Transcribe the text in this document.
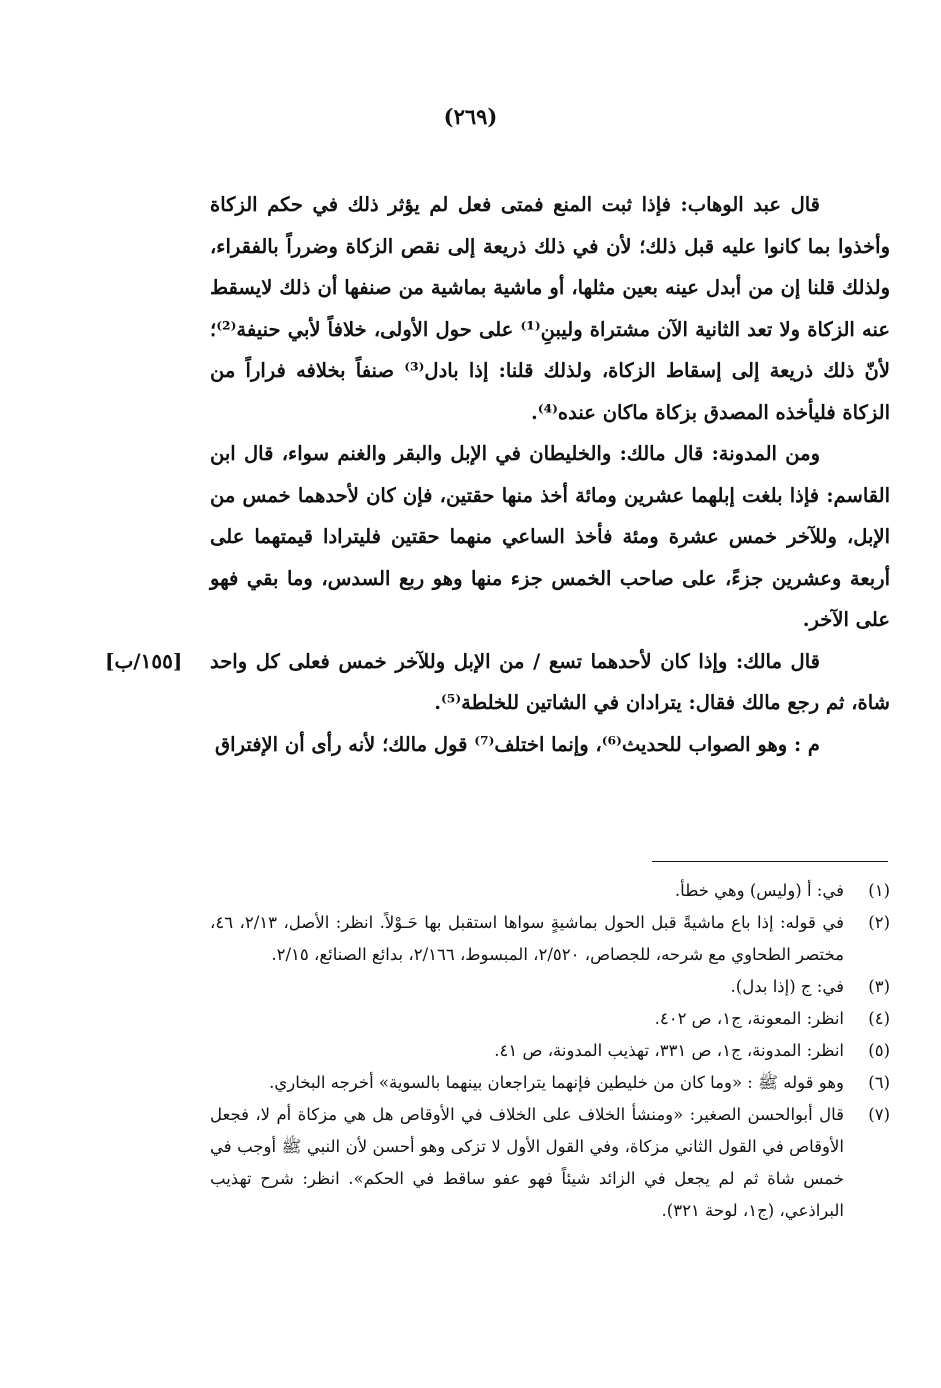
(٢٦٩)

قال عبد الوهاب: فإذا ثبت المنع فمتى فعل لم يؤثر ذلك في حكم الزكاة وأخذوا بما كانوا عليه قبل ذلك؛ لأن في ذلك ذريعة إلى نقص الزكاة وضرراً بالفقراء، ولذلك قلنا إن من أبدل عينه بعين مثلها، أو ماشية بماشية من صنفها أن ذلك لايسقط عنه الزكاة ولا تعد الثانية الآن مشتراة وليبنِ⁽¹⁾ على حول الأولى، خلافاً لأبي حنيفة⁽²⁾؛ لأنّ ذلك ذريعة إلى إسقاط الزكاة، ولذلك قلنا: إذا بادل⁽³⁾ صنفاً بخلافه فراراً من الزكاة فليأخذه المصدق بزكاة ماكان عنده⁽⁴⁾.

ومن المدونة: قال مالك: والخليطان في الإبل والبقر والغنم سواء، قال ابن القاسم: فإذا بلغت إبلهما عشرين ومائة أخذ منها حقتين، فإن كان لأحدهما خمس من الإبل، وللآخر خمس عشرة ومئة فأخذ الساعي منهما حقتين فليترادا قيمتهما على أربعة وعشرين جزءً، على صاحب الخمس جزء منها وهو ربع السدس، وما بقي فهو على الآخر.

[١٥٥/ب] قال مالك: وإذا كان لأحدهما تسع / من الإبل وللآخر خمس فعلى كل واحد شاة، ثم رجع مالك فقال: يترادان في الشاتين للخلطة⁽⁵⁾.

م : وهو الصواب للحديث⁽⁶⁾، وإنما اختلف⁽⁷⁾ قول مالك؛ لأنه رأى أن الإفتراق

(١)
في: أ (وليس) وهي خطأ.
(٢)
في قوله: إذا باع ماشيةً قبل الحول بماشيةٍ سواها استقبل بها حَـوْلاً. انظر: الأصل، ٢/١٣، ٤٦، مختصر الطحاوي مع شرحه، للجصاص، ٢/٥٢٠، المبسوط، ٢/١٦٦، بدائع الصنائع، ٢/١٥.
(٣)
في: ج (إذا بدل).
(٤)
انظر: المعونة، ج١، ص ٤٠٢.
(٥)
انظر: المدونة، ج١، ص ٣٣١، تهذيب المدونة، ص ٤١.
(٦)
وهو قوله ﷺ : «وما كان من خليطين فإنهما يتراجعان بينهما بالسوية» أخرجه البخاري.
(٧)
قال أبوالحسن الصغير: «ومنشأ الخلاف على الخلاف في الأوقاص هل هي مزكاة أم لا، فجعل الأوقاص في القول الثاني مزكاة، وفي القول الأول لا تزكى وهو أحسن لأن النبي ﷺ أوجب في خمس شاة ثم لم يجعل في الزائد شيئاً فهو عفو ساقط في الحكم». انظر: شرح تهذيب البراذعي، (ج١، لوحة ٣٢١).
